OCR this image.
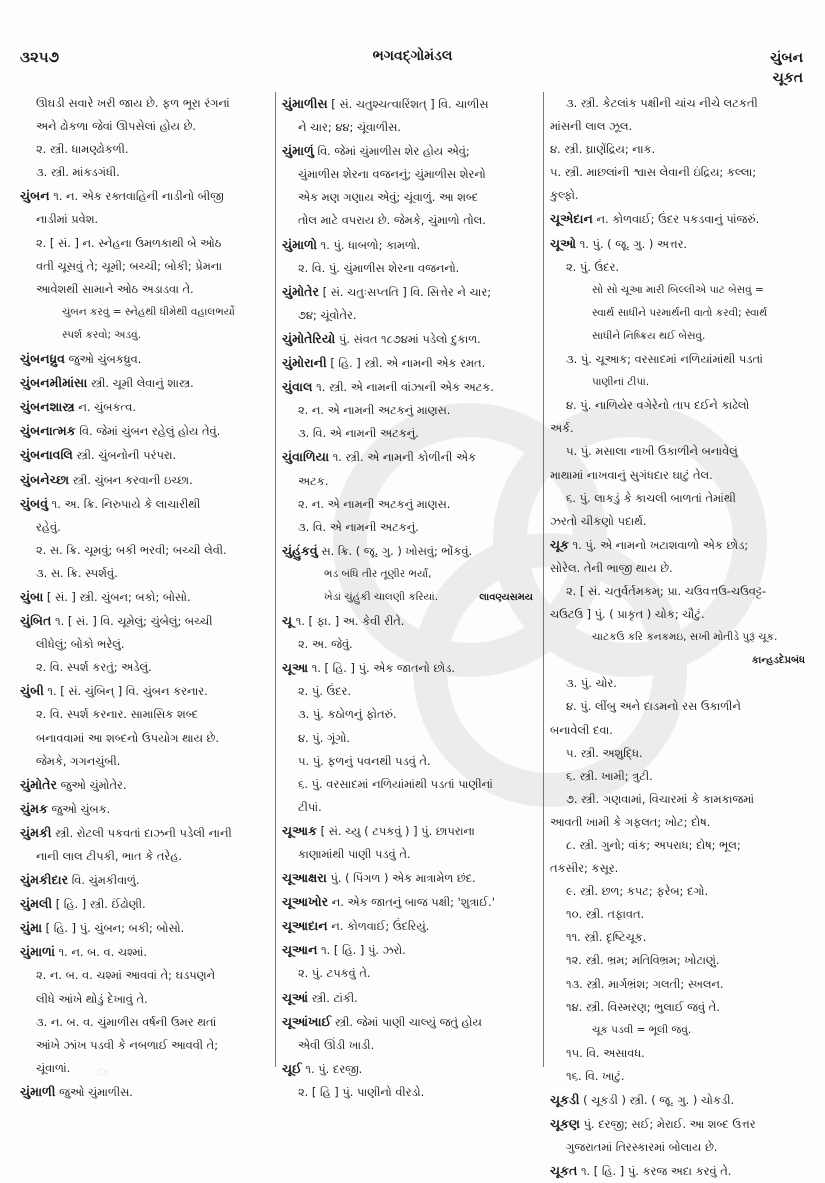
૩૨૫૭	ભગવદ્ગોમંડલ	ચુંબન
ચૂકત
ઊઘડી સવારે ખરી જાય છે. ફળ ભૂરા રંગનાં
અને ઢોકળા જેવાં ઊપસેલાં હોય છે.
૨. સ્ત્રી. ધામણ્ઢોકળી.
૩. સ્ત્રી. માંકડગંધી.
ચુંબન ૧. ન. એક રક્તવાહિની નાડીનો બીજી
નાડીમાં પ્રવેશ.
૨. [ સં. ] ન. સ્નેહના ઉમળકાથી બે ઓઠ
વતી ચૂસવું તે; ચૂમી; બચ્ચી; બોકી; પ્રેમના
આવેશથી સામાને ઓઠ અડાડવા તે.
ચુંબન કરવું = સ્નેહથી ધીમેથી વહાલભર્યો
સ્પર્શ કરવો; અડવું.
ચુંબનધ્રુવ જુઓ ચુંબકધ્રુવ.
ચુંબનમીમાંસા સ્ત્રી. ચૂમી લેવાનું શાસ્ત્ર.
ચુંબનશાસ્ત્ર ન. ચુંબકત્વ.
ચુંબનાત્મક વિ. જેમાં ચુંબન રહેલું હોય તેવું.
ચુંબનાવલિ સ્ત્રી. ચુંબનોની પરંપરા.
ચુંબનેચ્છા સ્ત્રી. ચુંબન કરવાની ઇચ્છા.
ચુંબવું ૧. અ. ક્રિ. નિરુપાયે કે લાચારીથી
રહેવું.
૨. સ. ક્રિ. ચૂમવું; બકી ભરવી; બચ્ચી લેવી.
૩. સ. ક્રિ. સ્પર્શવું.
ચુંબા [ સં. ] સ્ત્રી. ચુંબન; બકો; બોસો.
ચુંબિત ૧. [ સં. ] વિ. ચૂમેલું; ચુંબેલું; બચ્ચી
લીધેલું; બોકો ભરેલું.
૨. વિ. સ્પર્શ કરતું; અડેલું.
ચુંબી ૧. [ સં. ચુંબિન્ ] વિ. ચુંબન કરનાર.
૨. વિ. સ્પર્શ કરનાર. સામાસિક શબ્દ
બનાવવામાં આ શબ્દનો ઉપયોગ થાય છે.
જેમકે, ગગનચુંબી.
ચુંમોતેર જુઓ ચુંમોતેર.
ચુંમક જુઓ ચુંબક.
ચુંમકી સ્ત્રી. રોટલી પકવતાં દાઝની પડેલી નાની
નાની લાલ ટીપકી, ભાત કે તરેહ.
ચુંમકીદાર વિ. ચુંમકીવાળું.
ચુંમલી [ હિ. ] સ્ત્રી. ઈંઢોણી.
ચુંમા [ હિ. ] પું. ચુંબન; બકી; બોસો.
ચુંમાળાં ૧. ન. બ. વ. ચશ્માં.
૨. ન. બ. વ. ચશ્માં આવવાં તે; ઘડપણને
લીધે આંખે થોડું દેખાવું તે.
૩. ન. બ. વ. ચુંમાળીસ વર્ષની ઉમર થતાં
આંખે ઝાંખ પડવી કે નબળાઈ આવવી તે;
ચૂંવાળાં.
ચુંમાળી જુઓ ચુંમાળીસ.
ચુંમાળીસ [ સં. ચતુશ્ચત્વારિંશત્ ] વિ. ચાળીસ
ને ચાર; ૪૪; ચૂંવાળીસ.
ચુંમાળું વિ. જેમાં ચુંમાળીસ શેર હોય એવું;
ચુંમાળીસ શેરના વજનનું; ચુંમાળીસ શેરનો
એક મણ ગણાય એવું; ચૂંવાળું. આ શબ્દ
તોલ માટે વપરાય છે. જેમકે, ચુંમાળો તોલ.
ચુંમાળો ૧. પું. ધાબળો; કામળો.
૨. વિ. પું. ચુંમાળીસ શેરના વજનનો.
ચુંમોતેર [ સં. ચતુઃસપ્તતિ ] વિ. સિત્તેર ને ચાર;
૭૪; ચૂંવોતેર.
ચુંમોતેરિયો પું. સંવત ૧૮૭૪માં પડેલો દુકાળ.
ચુંમોરાની [ હિ. ] સ્ત્રી. એ નામની એક રમત.
ચુંવાલ ૧. સ્ત્રી. એ નામની વાંઝાની એક અટક.
૨. ન. એ નામની અટકનું માણસ.
૩. વિ. એ નામની અટકનું.
ચુંવાળિયા ૧. સ્ત્રી. એ નામની કોળીની એક
અટક.
૨. ન. એ નામની અટકનું માણસ.
૩. વિ. એ નામની અટકનું.
ચુંહુંકવું સ. ક્રિ. ( જૂ. ગુ. ) ખોસવું; ભોંકવું.
ભડ બંધિ તીર તૂણીર ભર્યાં,
ખેડાં ચુંહુંકી ચાલણી કરિયાં.	લાવણ્યસમય
ચૂ ૧. [ ફા. ] અ. કેવી રીતે.
૨. અ. જેવું.
ચૂઆ ૧. [ હિ. ] પું. એક જાતનો છોડ.
૨. પું. ઉંદર.
૩. પું. કઠોળનું ફોતરું.
૪. પું. ગૂંગો.
૫. પું. ફળનું પવનથી પડવું તે.
૬. પું. વરસાદમાં નળિયાંમાંથી પડતાં પાણીનાં
ટીપાં.
ચૂઆક [ સં. ચ્યુ ( ટપકવું ) ] પું. છાપરાના
કાણામાંથી પાણી પડવું તે.
ચૂઆક્ષરા પું. ( પિંગળ ) એક માત્રામેળ છંદ.
ચૂઆખોર ન. એક જાતનું બાજ પક્ષી; 'શુત્રાઈ.'
ચૂઆદાન ન. કોળવાઈ; ઉંદરિયું.
ચૂઆન ૧. [ હિ. ] પું. ઝરો.
૨. પું. ટપકવું તે.
ચૂઆં સ્ત્રી. ટાંકી.
ચૂઆંખાઈ સ્ત્રી. જેમાં પાણી ચાલ્યું જતું હોય
એવી ઊંડી ખાડી.
ચૂઈ ૧. પું. દરજી.
૨. [ હિ ] પું. પાણીનો વીરડો.
૩. સ્ત્રી. કેટલાંક પક્ષીની ચાંચ નીચે લટકતી
માંસની લાલ ઝૂલ.
૪. સ્ત્રી. ઘ્રાણેંદ્રિય; નાક.
૫. સ્ત્રી. માછલાંની શ્વાસ લેવાની ઇંદ્રિય; કલ્લા;
કુલ્ફો.
ચૂએદાન ન. કોળવાઈ; ઉંદર પકડવાનું પાંજરું.
ચૂઓ ૧. પું. ( જૂ. ગુ. ) અત્તર.
૨. પું. ઉંદર.
સો સો ચૂઆ મારી બિલ્લીએ પાટ બેસવું =
સ્વાર્થ સાધીને પરમાર્થની વાતો કરવી; સ્વાર્થ
સાધીને નિષ્ક્રિય થઈ બેસવું.
૩. પું. ચૂઆક; વરસાદમાં નળિયાંમાંથી પડતાં
પાણીનાં ટીપાં.
૪. પું. નાળિયેર વગેરેનો તાપ દઈને કાઢેલો
અર્ક.
૫. પું. મસાલા નાખી ઉકાળીને બનાવેલું
માથામાં નાખવાનું સુગંધદાર ઘાટું તેલ.
૬. પું. લાકડું કે કાચલી બાળતાં તેમાંથી
ઝરતો ચીકણો પદાર્થ.
ચૂક ૧. પું. એ નામનો ખટાશવાળો એક છોડ;
સોરેલ. તેની ભાજી થાય છે.
૨. [ સં. ચતુર્વર્તમકમ્; પ્રા. ચઉવત્તઉ-ચઉવટ્ટ-
ચઉટઉ ] પું. ( પ્રાકૃત ) ચોક; ચૌટું.
ચાટકઉ કરિ કનકમઇ, સખી મોતીડે પુરૂં ચૂક.
કાન્હડદેપ્રબંધ
૩. પું. ચોર.
૪. પું. લીંબુ અને દાડમનો રસ ઉકાળીને
બનાવેલી દવા.
૫. સ્ત્રી. અશુદ્ધિ.
૬. સ્ત્રી. ખામી; ત્રુટી.
૭. સ્ત્રી. ગણવામાં, વિચારમાં કે કામકાજમાં
આવતી ખામી કે ગફલત; ખોટ; દોષ.
૮. સ્ત્રી. ગુનો; વાંક; અપરાધ; દોષ; ભૂલ;
તકસીર; કસૂર.
૯. સ્ત્રી. છળ; કપટ; ફરેબ; દગો.
૧૦. સ્ત્રી. તફાવત.
૧૧. સ્ત્રી. દૃષ્ટિચૂક.
૧૨. સ્ત્રી. ભ્રમ; મતિવિભ્રમ; ખોટાણું.
૧૩. સ્ત્રી. માર્ગભ્રંશ; ગલતી; સ્ખલન.
૧૪. સ્ત્રી. વિસ્મરણ; ભુલાઈ જવું તે.
ચૂક પડવી = ભૂલી જવું.
૧૫. વિ. અસાવધ.
૧૬. વિ. ખાટું.
ચૂકડી ( ચૂકડી ) સ્ત્રી. ( જૂ. ગુ. ) ચોકડી.
ચૂકણ પું. દરજી; સઈ; મેરાઈ. આ શબ્દ ઉત્તર
ગુજરાતમાં તિરસ્કારમાં બોલાય છે.
ચૂકત ૧. [ હિ. ] પું. કરજ અદા કરવું તે.
ઃ
